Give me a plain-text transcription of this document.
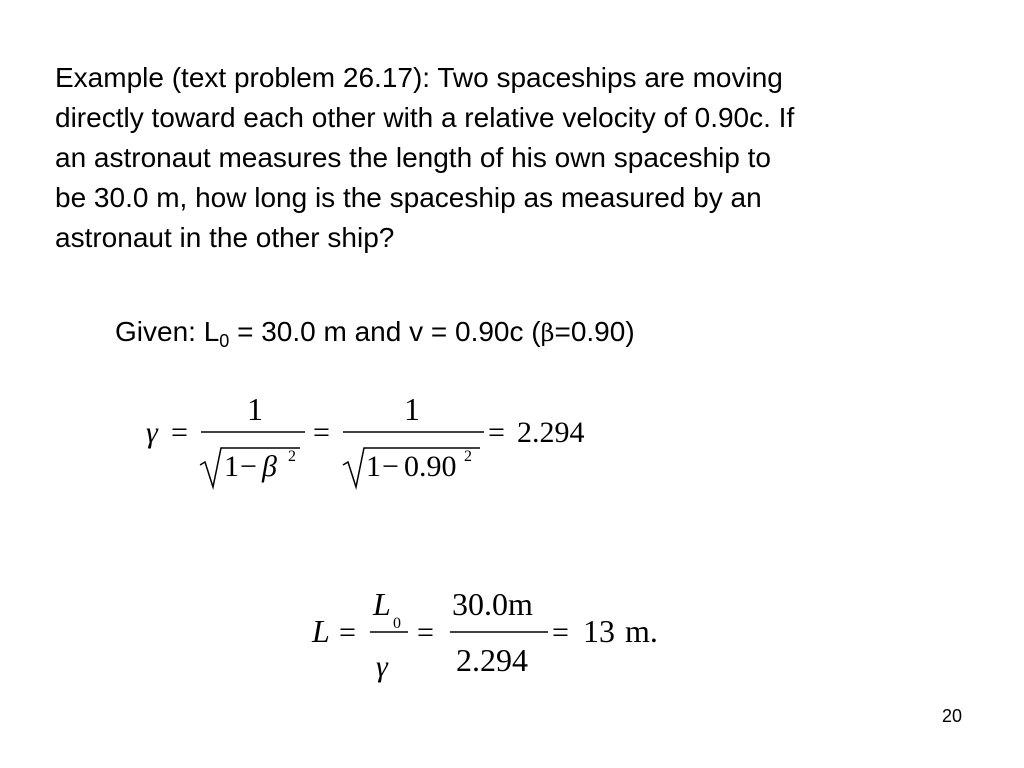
Example (text problem 26.17): Two spaceships are moving
directly toward each other with a relative velocity of 0.90c. If
an astronaut measures the length of his own spaceship to
be 30.0 m, how long is the spaceship as measured by an
astronaut in the other ship?
Given: $L_0 = 30.0$ m and v = 0.90c (β=0.90)
γ =
1
1 − β 2
=
1
1 − 0.90 2
= 2.294
L =
L
0
γ
=
30.0m
2.294
= 13 m.
20
